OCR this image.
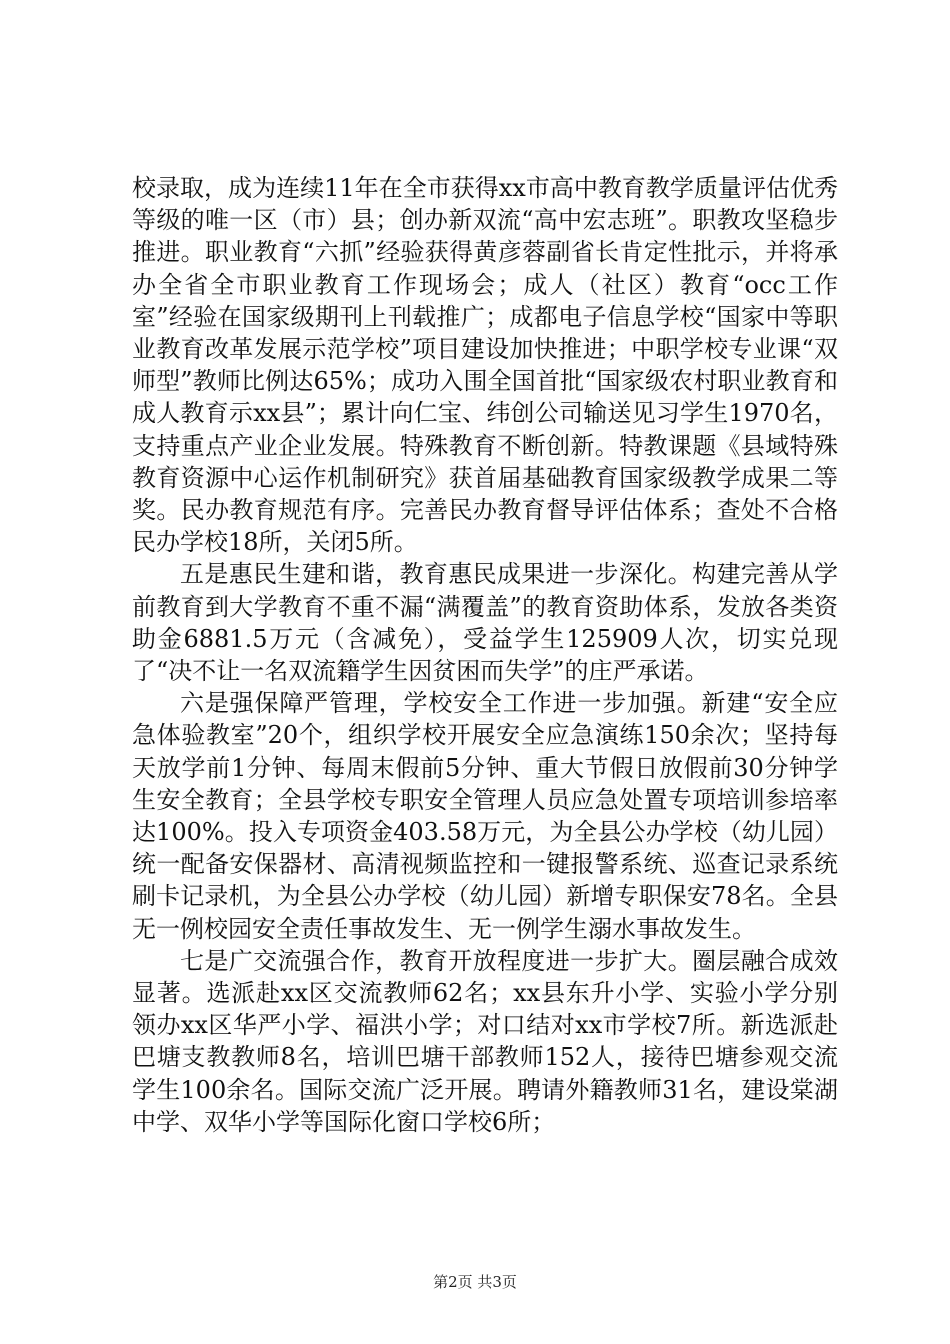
校录取，成为连续11年在全市获得xx市高中教育教学质量评估优秀等级的唯一区（市）县；创办新双流“高中宏志班”。职教攻坚稳步推进。职业教育“六抓”经验获得黄彦蓉副省长肯定性批示，并将承办全省全市职业教育工作现场会；成人（社区）教育“occ工作室”经验在国家级期刊上刊载推广；成都电子信息学校“国家中等职业教育改革发展示范学校”项目建设加快推进；中职学校专业课“双师型”教师比例达65%；成功入围全国首批“国家级农村职业教育和成人教育示xx县”；累计向仁宝、纬创公司输送见习学生1970名，支持重点产业企业发展。特殊教育不断创新。特教课题《县域特殊教育资源中心运作机制研究》获首届基础教育国家级教学成果二等奖。民办教育规范有序。完善民办教育督导评估体系；查处不合格民办学校18所，关闭5所。

五是惠民生建和谐，教育惠民成果进一步深化。构建完善从学前教育到大学教育不重不漏“满覆盖”的教育资助体系，发放各类资助金6881.5万元（含减免），受益学生125909人次，切实兑现了“决不让一名双流籍学生因贫困而失学”的庄严承诺。

六是强保障严管理，学校安全工作进一步加强。新建“安全应急体验教室”20个，组织学校开展安全应急演练150余次；坚持每天放学前1分钟、每周末假前5分钟、重大节假日放假前30分钟学生安全教育；全县学校专职安全管理人员应急处置专项培训参培率达100%。投入专项资金403.58万元，为全县公办学校（幼儿园）统一配备安保器材、高清视频监控和一键报警系统、巡查记录系统刷卡记录机，为全县公办学校（幼儿园）新增专职保安78名。全县无一例校园安全责任事故发生、无一例学生溺水事故发生。

七是广交流强合作，教育开放程度进一步扩大。圈层融合成效显著。选派赴xx区交流教师62名；xx县东升小学、实验小学分别领办xx区华严小学、福洪小学；对口结对xx市学校7所。新选派赴巴塘支教教师8名，培训巴塘干部教师152人，接待巴塘参观交流学生100余名。国际交流广泛开展。聘请外籍教师31名，建设棠湖中学、双华小学等国际化窗口学校6所；

第2页 共3页
